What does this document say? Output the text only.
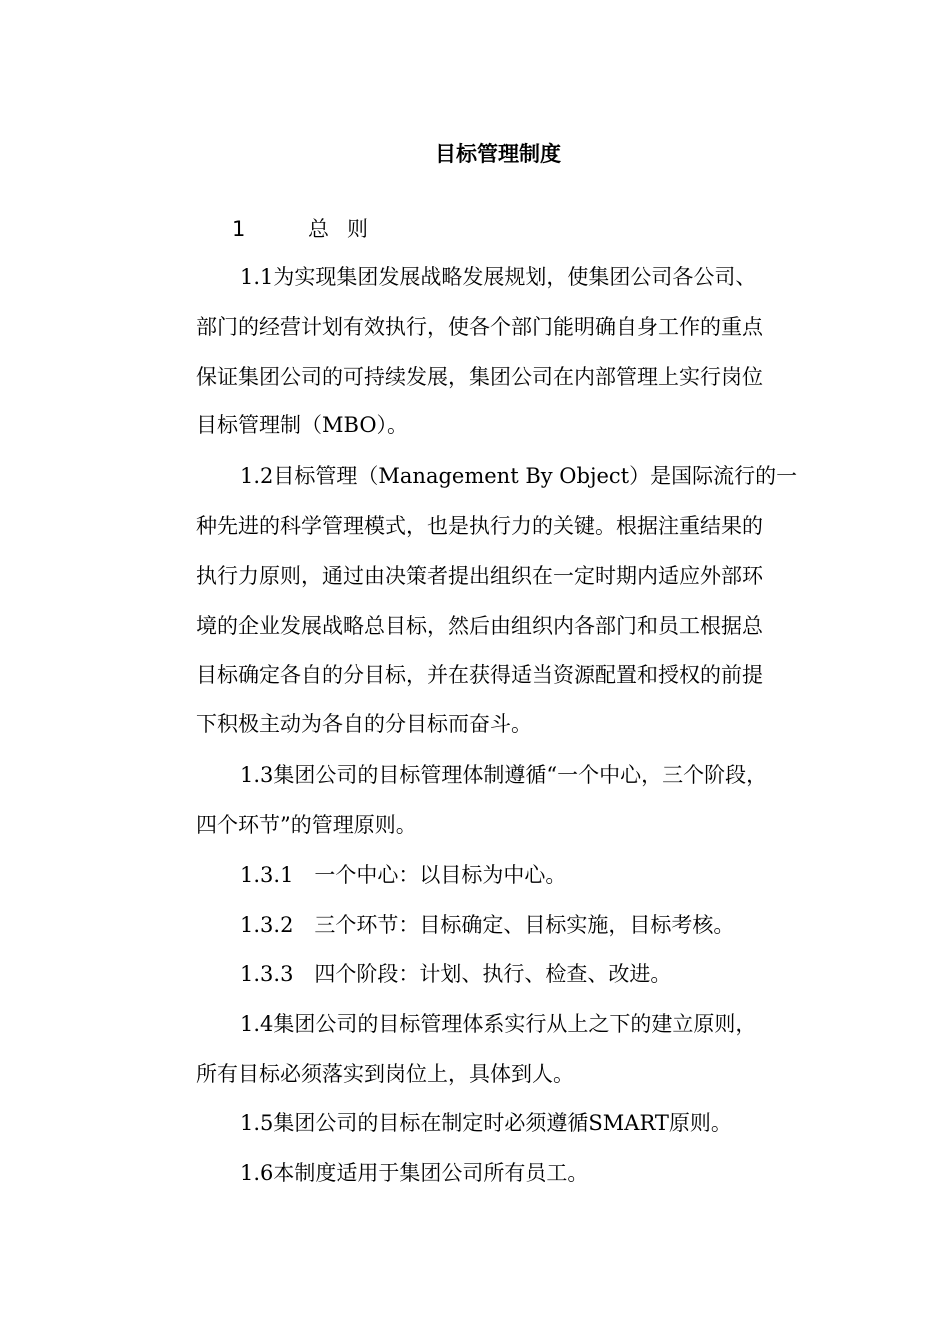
目标管理制度
1	总则
1.1为实现集团发展战略发展规划，使集团公司各公司、
部门的经营计划有效执行，使各个部门能明确自身工作的重点
保证集团公司的可持续发展，集团公司在内部管理上实行岗位
目标管理制（MBO）。
1.2目标管理（Management By Object）是国际流行的一
种先进的科学管理模式，也是执行力的关键。根据注重结果的
执行力原则，通过由决策者提出组织在一定时期内适应外部环
境的企业发展战略总目标，然后由组织内各部门和员工根据总
目标确定各自的分目标，并在获得适当资源配置和授权的前提
下积极主动为各自的分目标而奋斗。
1.3集团公司的目标管理体制遵循“一个中心，三个阶段，
四个环节”的管理原则。
1.3.1　一个中心：以目标为中心。
1.3.2　三个环节：目标确定、目标实施，目标考核。
1.3.3　四个阶段：计划、执行、检查、改进。
1.4集团公司的目标管理体系实行从上之下的建立原则，
所有目标必须落实到岗位上，具体到人。
1.5集团公司的目标在制定时必须遵循SMART原则。
1.6本制度适用于集团公司所有员工。
